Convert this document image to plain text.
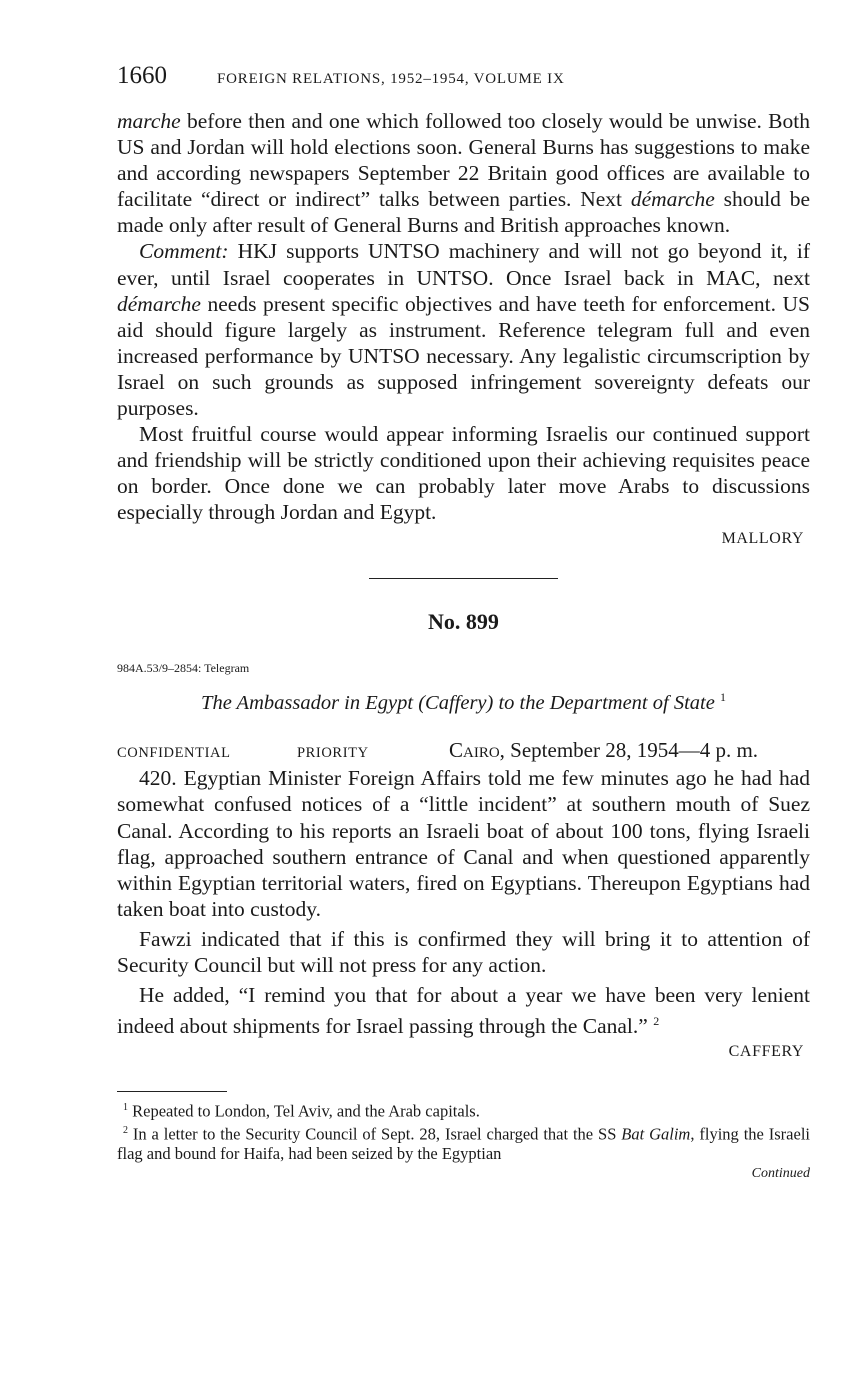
1660	FOREIGN RELATIONS, 1952–1954, VOLUME IX

marche before then and one which followed too closely would be unwise. Both US and Jordan will hold elections soon. General Burns has suggestions to make and according newspapers September 22 Britain good offices are available to facilitate “direct or indirect” talks between parties. Next démarche should be made only after result of General Burns and British approaches known.

Comment: HKJ supports UNTSO machinery and will not go beyond it, if ever, until Israel cooperates in UNTSO. Once Israel back in MAC, next démarche needs present specific objectives and have teeth for enforcement. US aid should figure largely as instrument. Reference telegram full and even increased performance by UNTSO necessary. Any legalistic circumscription by Israel on such grounds as supposed infringement sovereignty defeats our purposes.

Most fruitful course would appear informing Israelis our continued support and friendship will be strictly conditioned upon their achieving requisites peace on border. Once done we can probably later move Arabs to discussions especially through Jordan and Egypt.

MALLORY
No. 899
984A.53/9–2854: Telegram
The Ambassador in Egypt (Caffery) to the Department of State $^1$
CONFIDENTIAL	PRIORITY	Cairo, September 28, 1954—4 p. m.

420. Egyptian Minister Foreign Affairs told me few minutes ago he had had somewhat confused notices of a “little incident” at southern mouth of Suez Canal. According to his reports an Israeli boat of about 100 tons, flying Israeli flag, approached southern entrance of Canal and when questioned apparently within Egyptian territorial waters, fired on Egyptians. Thereupon Egyptians had taken boat into custody.

Fawzi indicated that if this is confirmed they will bring it to attention of Security Council but will not press for any action.

He added, “I remind you that for about a year we have been very lenient indeed about shipments for Israel passing through the Canal.” $^2$

CAFFERY

$^1$ Repeated to London, Tel Aviv, and the Arab capitals.

$^2$ In a letter to the Security Council of Sept. 28, Israel charged that the SS Bat Galim, flying the Israeli flag and bound for Haifa, had been seized by the Egyptian

Continued
